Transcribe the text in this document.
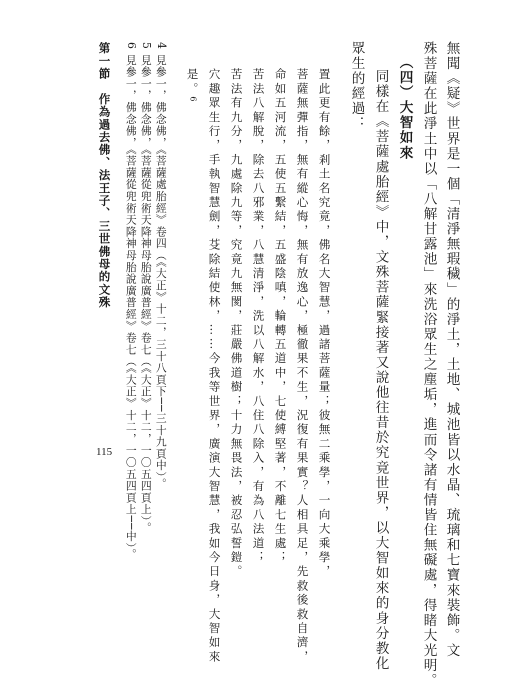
無聞《疑》世界是一個「清淨無瑕穢」的淨土，土地、城池皆以水晶、琉璃和七寶來裝飾。文
殊菩薩在此淨土中以「八解甘露池」來洗浴眾生之塵垢，進而令諸有情皆住無礙處，得睹大光明。
（四）大智如來
同樣在《菩薩處胎經》中，文殊菩薩緊接著又說他往昔於究竟世界，以大智如來的身分教化
眾生的經過：
置此更有餘，剎土名究竟，佛名大智慧，過諸菩薩量；彼無二乘學，一向大乘學，
菩薩無彈指，無有縱心悔，無有放逸心，極徹果不生，況復有果實？人相具足，先救後救自濟，
命如五河流，五使五繫結，五盛陰嗔，輪轉五道中，七使縛堅著，不離七生處；
苦法八解脫，除去八邪業，八慧清淨，洗以八解水，八住八除入，有為八法道；
苦法有九分，九處除九等，究竟九無閡，莊嚴佛道樹；十力無畏法，被忍弘誓鎧。
穴趣眾生行，手執智慧劍，芟除結使林，……今我等世界，廣演大智慧，我如今日身，大智如來
是。6
4 見參一，佛念佛，《菩薩處胎經》卷四（《大正》十二，三十八頁下──三十九頁中）。
5 見參一，佛念佛，《菩薩從兜術天降神母胎說廣普經》卷七（《大正》十二，一〇五四頁上）。
6 見參一，佛念佛，《菩薩從兜術天降神母胎說廣普經》卷七（《大正》十二，一〇五四頁上──中）。
第一節　作為過去佛、法王子、三世佛母的文殊
115
